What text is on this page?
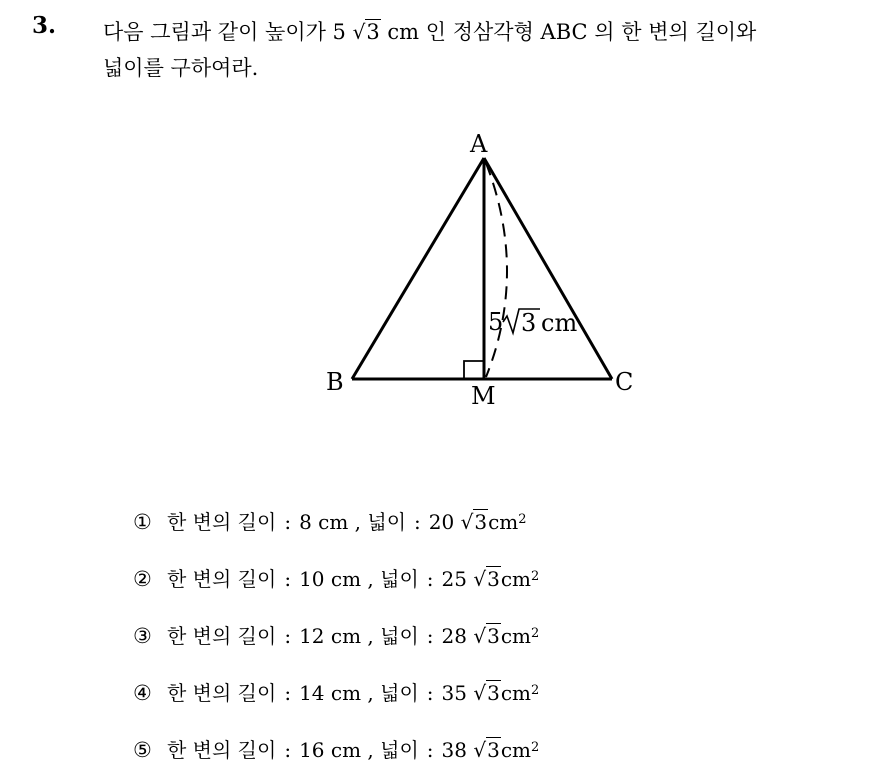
3. 다음 그림과 같이 높이가 5 √3 cm 인 정삼각형 ABC 의 한 변의 길이와
넓이를 구하여라.
A
B	C
M
5 3 cm
① 한 변의 길이 : 8 cm , 넓이 : 20
√3 $cm^2$
② 한 변의 길이 : 10 cm , 넓이 : 25
√3 $cm^2$
③ 한 변의 길이 : 12 cm , 넓이 : 28
√3 $cm^2$
④ 한 변의 길이 : 14 cm , 넓이 : 35
√3 $cm^2$
⑤ 한 변의 길이 : 16 cm , 넓이 : 38
√3 $cm^2$
